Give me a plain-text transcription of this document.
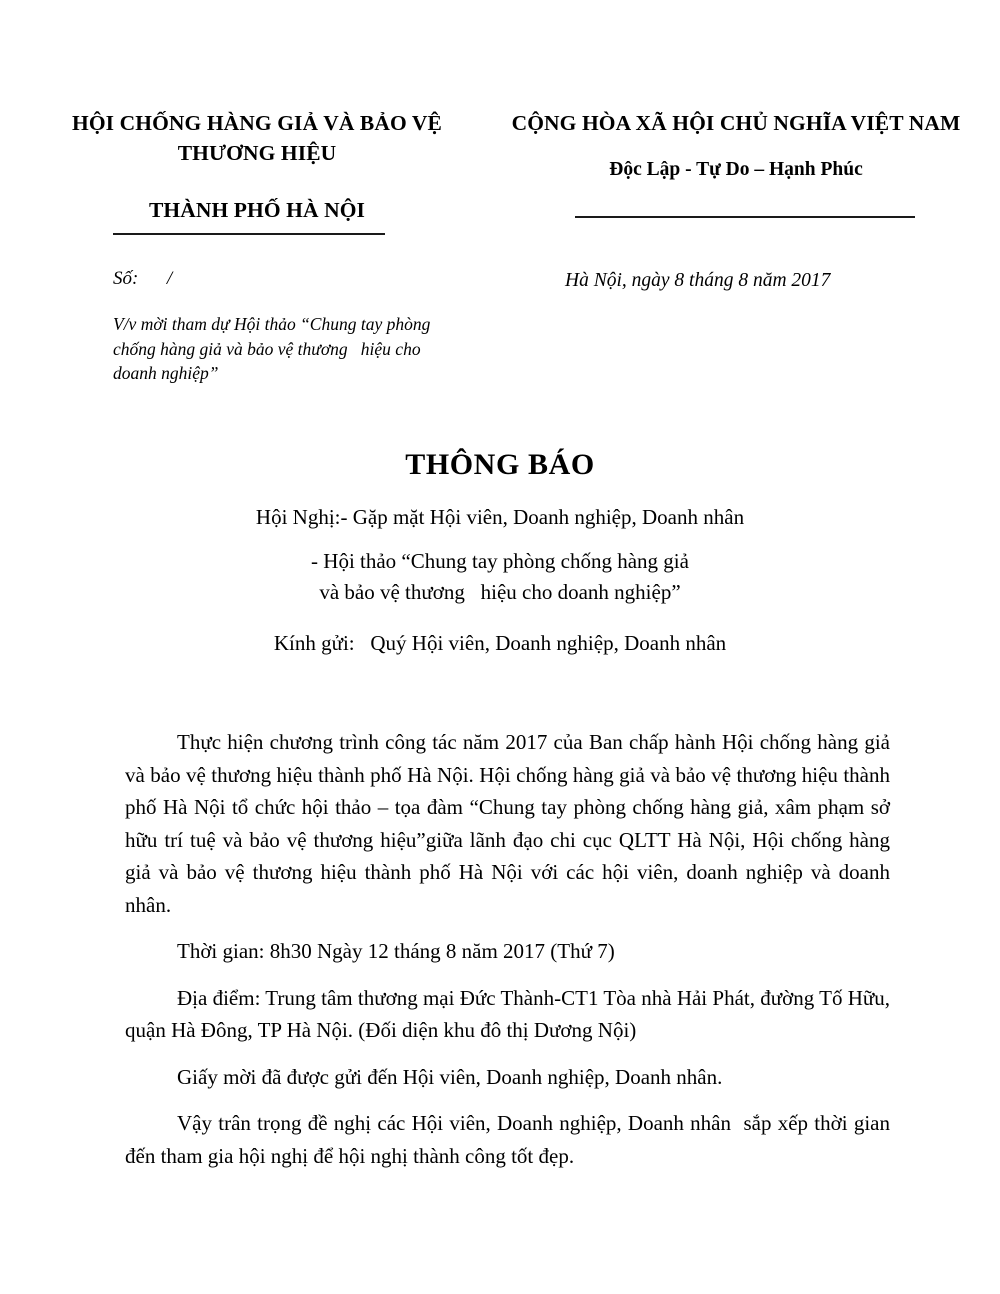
HỘI CHỐNG HÀNG GIẢ VÀ BẢO VỆ
THƯƠNG HIỆU
THÀNH PHỐ HÀ NỘI
CỘNG HÒA XÃ HỘI CHỦ NGHĨA VIỆT NAM
Độc Lập - Tự Do – Hạnh Phúc
Số:      /	Hà Nội, ngày 8 tháng 8 năm 2017
V/v mời tham dự Hội thảo “Chung tay phòng
chống hàng giả và bảo vệ thương   hiệu cho
doanh nghiệp”
THÔNG BÁO
Hội Nghị:- Gặp mặt Hội viên, Doanh nghiệp, Doanh nhân
- Hội thảo “Chung tay phòng chống hàng giả
và bảo vệ thương   hiệu cho doanh nghiệp”
Kính gửi:   Quý Hội viên, Doanh nghiệp, Doanh nhân

Thực hiện chương trình công tác năm 2017 của Ban chấp hành Hội chống hàng giả và bảo vệ thương hiệu thành phố Hà Nội. Hội chống hàng giả và bảo vệ thương hiệu thành phố Hà Nội tổ chức hội thảo – tọa đàm “Chung tay phòng chống hàng giả, xâm phạm sở hữu trí tuệ và bảo vệ thương hiệu”giữa lãnh đạo chi cục QLTT Hà Nội, Hội chống hàng giả và bảo vệ thương hiệu thành phố Hà Nội với các hội viên, doanh nghiệp và doanh nhân.

Thời gian: 8h30 Ngày 12 tháng 8 năm 2017 (Thứ 7)

Địa điểm: Trung tâm thương mại Đức Thành-CT1 Tòa nhà Hải Phát, đường Tố Hữu, quận Hà Đông, TP Hà Nội. (Đối diện khu đô thị Dương Nội)

Giấy mời đã được gửi đến Hội viên, Doanh nghiệp, Doanh nhân.

Vậy trân trọng đề nghị các Hội viên, Doanh nghiệp, Doanh nhân  sắp xếp thời gian đến tham gia hội nghị để hội nghị thành công tốt đẹp.
